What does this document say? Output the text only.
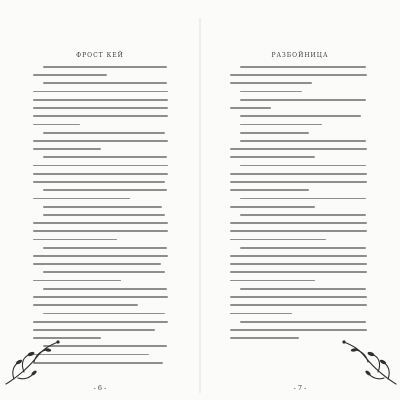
ФРОСТ КЕЙ
- 6 -
РАЗБОЙНИЦА
- 7 -
